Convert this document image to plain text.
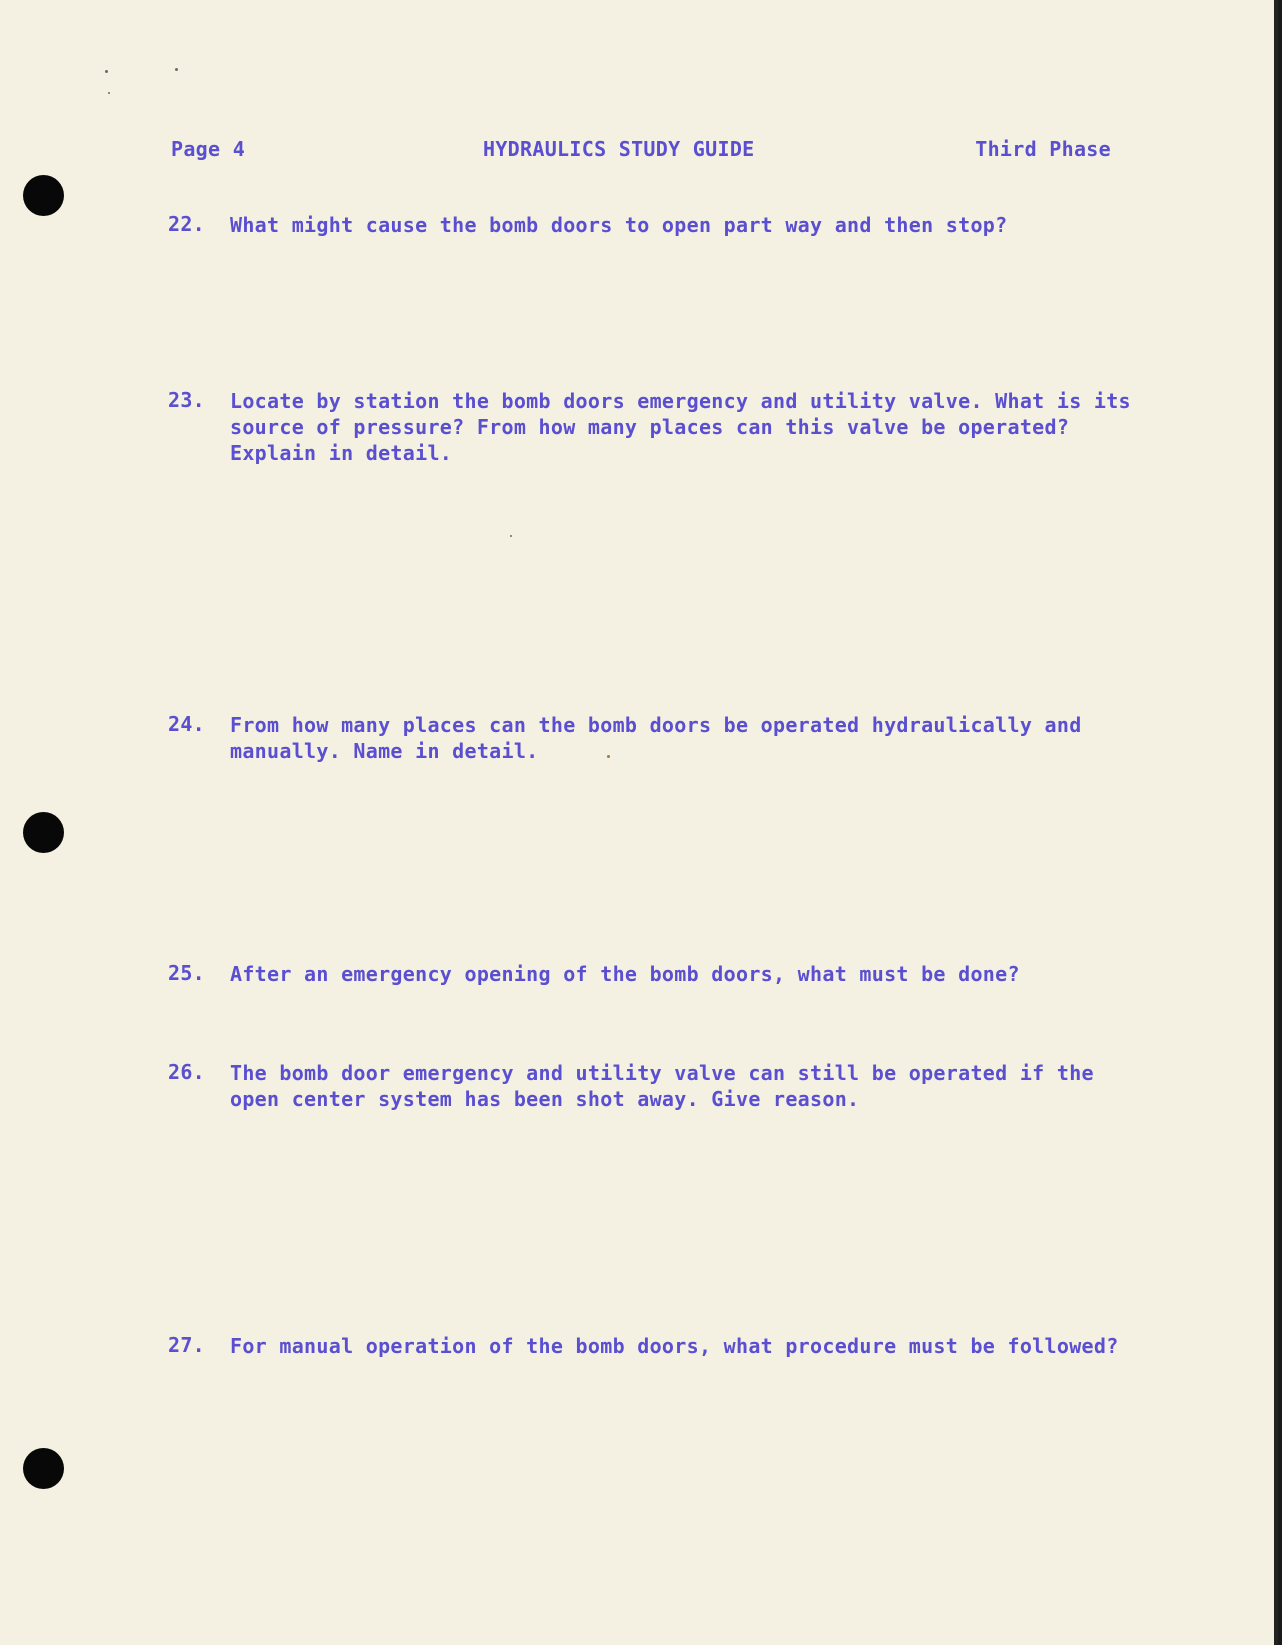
Page 4	HYDRAULICS STUDY GUIDE	Third Phase
22.	What might cause the bomb doors to open part way and then stop?
23.	Locate by station the bomb doors emergency and utility valve. What is its
source of pressure? From how many places can this valve be operated?
Explain in detail.
24.	From how many places can the bomb doors be operated hydraulically and
manually. Name in detail.
25.	After an emergency opening of the bomb doors, what must be done?
26.	The bomb door emergency and utility valve can still be operated if the
open center system has been shot away. Give reason.
27.	For manual operation of the bomb doors, what procedure must be followed?
